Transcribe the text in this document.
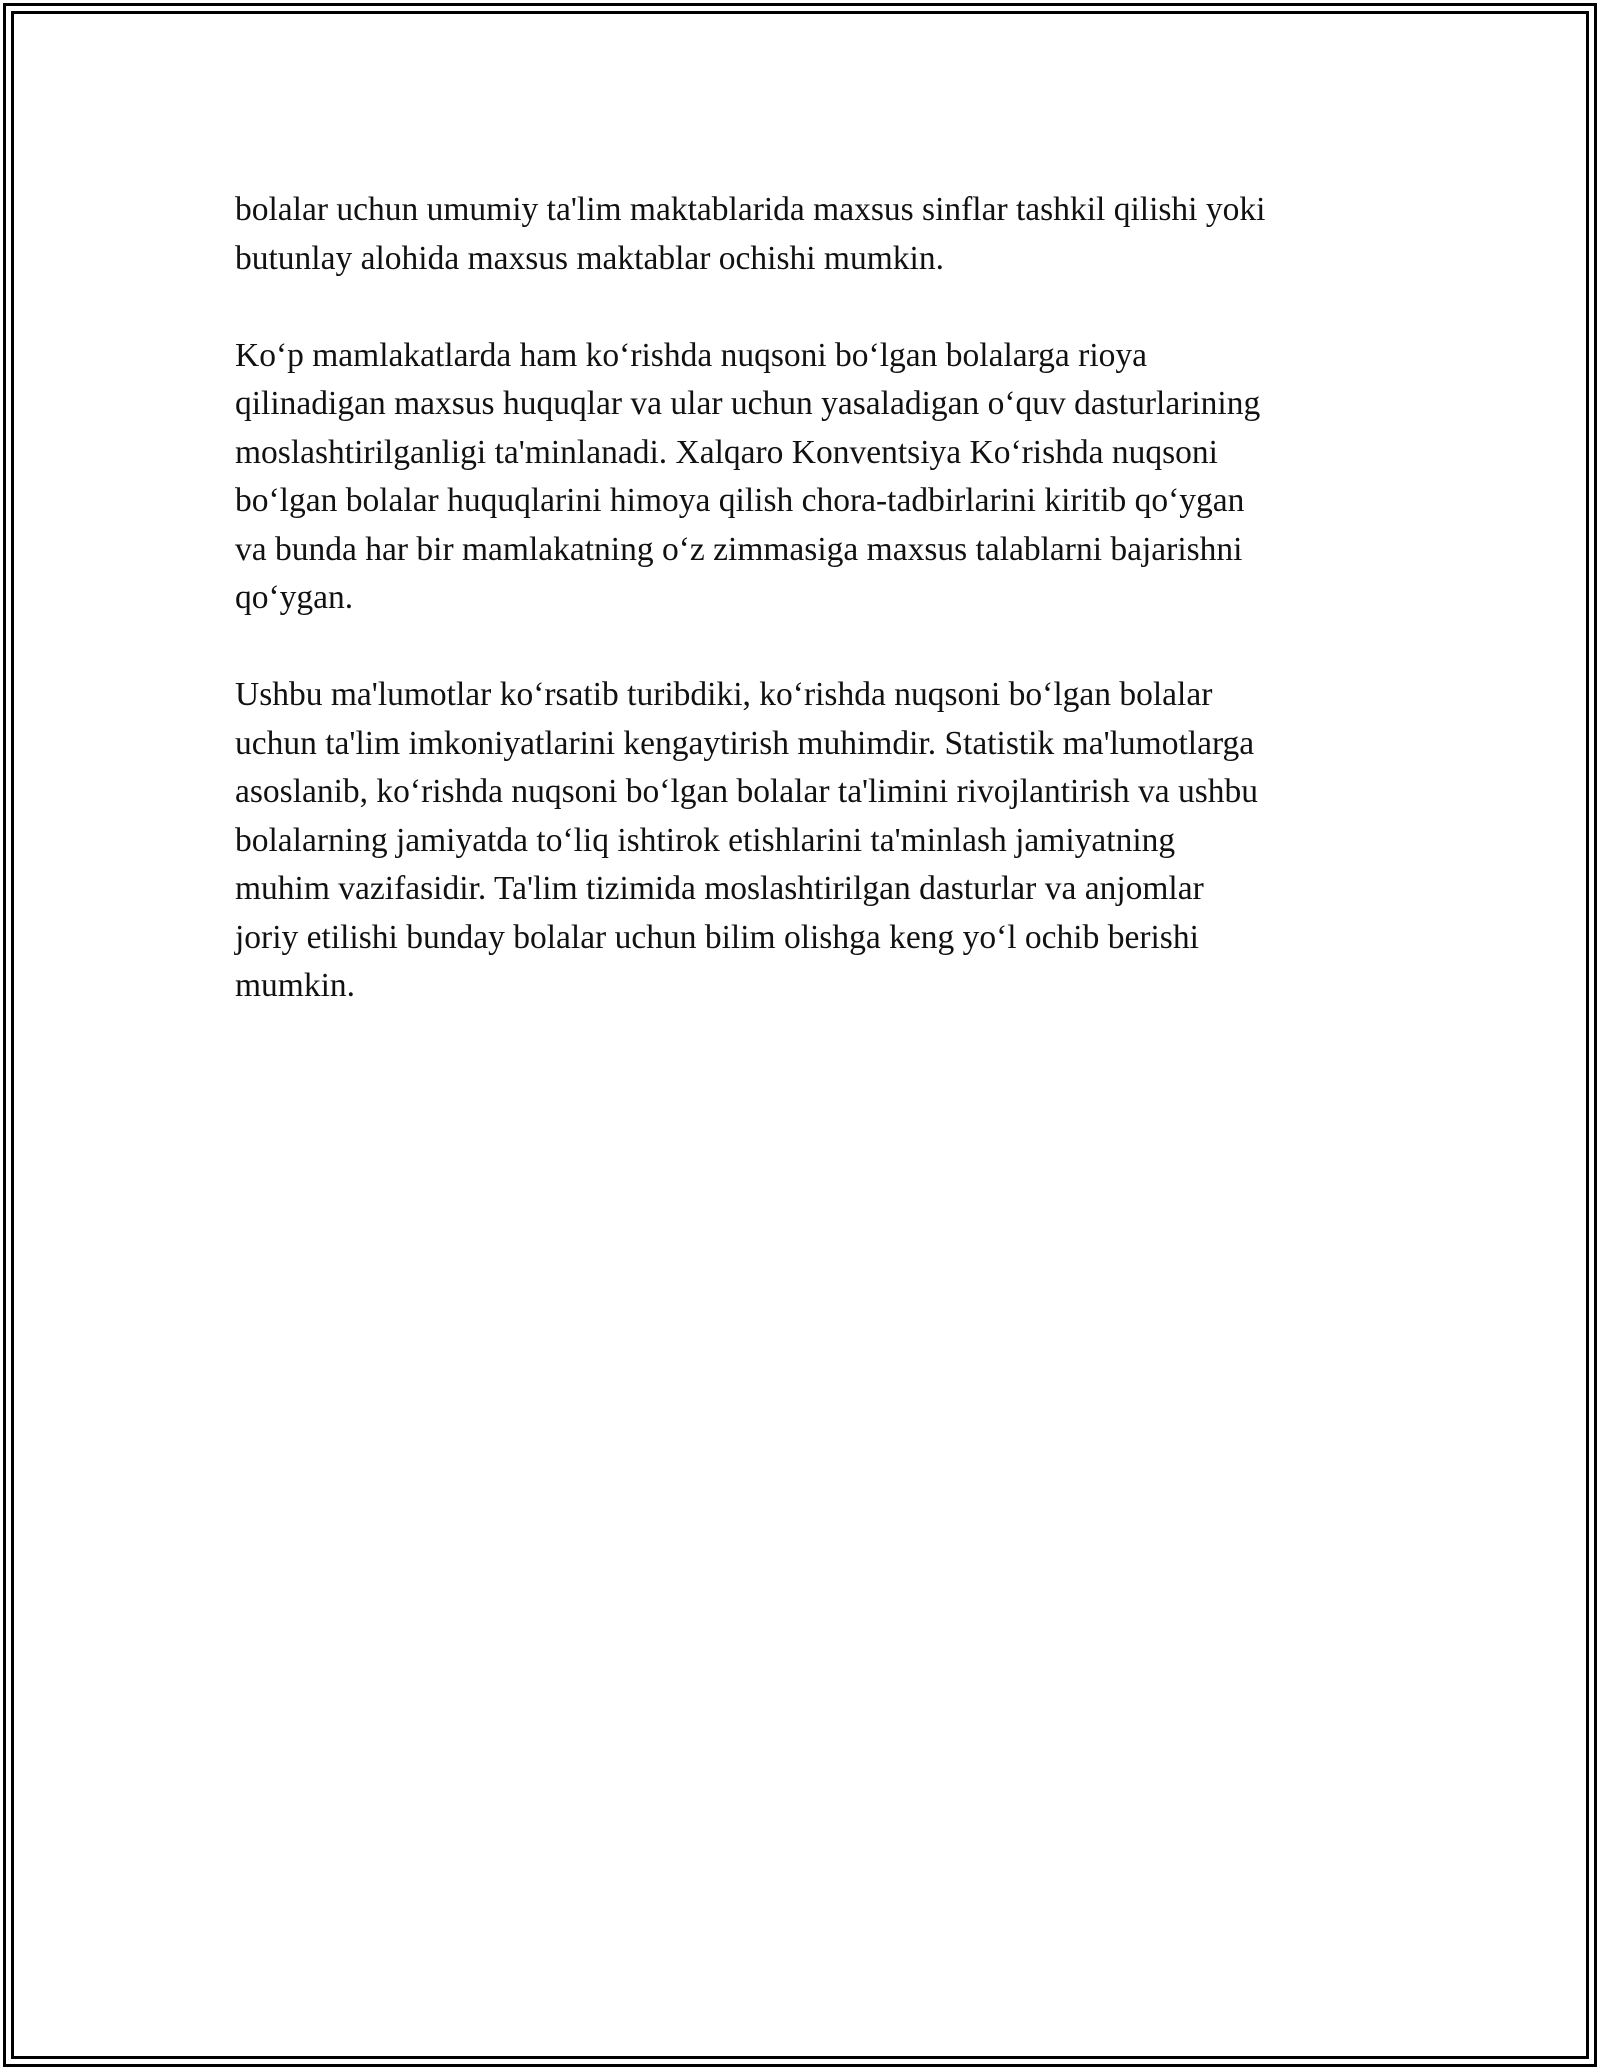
bolalar uchun umumiy ta'lim maktablarida maxsus sinflar tashkil qilishi yoki
butunlay alohida maxsus maktablar ochishi mumkin.

Ko‘p mamlakatlarda ham ko‘rishda nuqsoni bo‘lgan bolalarga rioya
qilinadigan maxsus huquqlar va ular uchun yasaladigan o‘quv dasturlarining
moslashtirilganligi ta'minlanadi. Xalqaro Konventsiya Ko‘rishda nuqsoni
bo‘lgan bolalar huquqlarini himoya qilish chora-tadbirlarini kiritib qo‘ygan
va bunda har bir mamlakatning o‘z zimmasiga maxsus talablarni bajarishni
qo‘ygan.

Ushbu ma'lumotlar ko‘rsatib turibdiki, ko‘rishda nuqsoni bo‘lgan bolalar
uchun ta'lim imkoniyatlarini kengaytirish muhimdir. Statistik ma'lumotlarga
asoslanib, ko‘rishda nuqsoni bo‘lgan bolalar ta'limini rivojlantirish va ushbu
bolalarning jamiyatda to‘liq ishtirok etishlarini ta'minlash jamiyatning
muhim vazifasidir. Ta'lim tizimida moslashtirilgan dasturlar va anjomlar
joriy etilishi bunday bolalar uchun bilim olishga keng yo‘l ochib berishi
mumkin.
